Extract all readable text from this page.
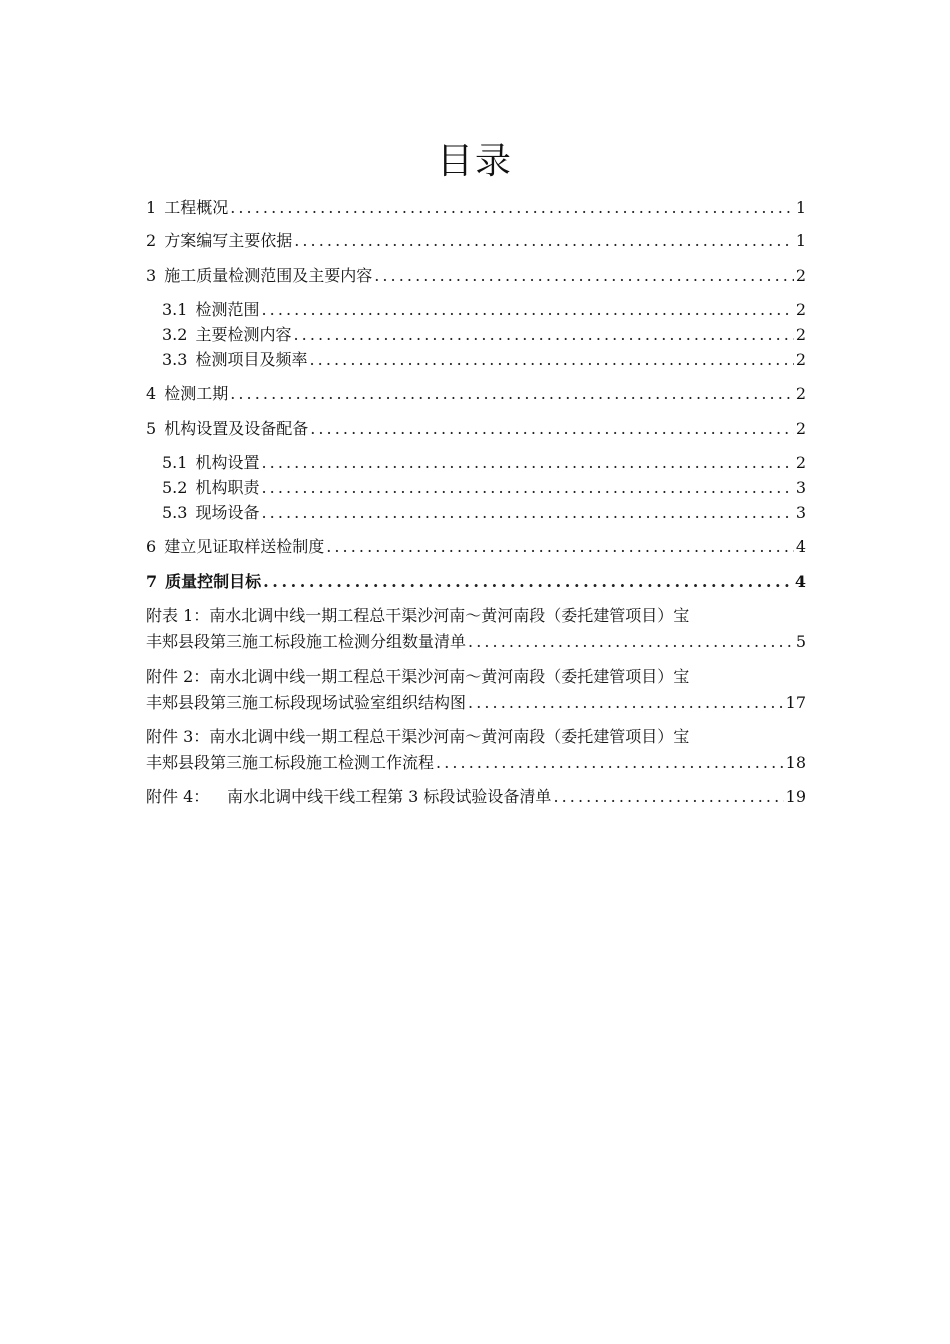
目录
1 工程概况 . . .	1
2 方案编写主要依据 . . .	1
3 施工质量检测范围及主要内容 . . .	2
3.1 检测范围 . . .	2
3.2 主要检测内容 . . .	2
3.3 检测项目及频率 . . .	2
4 检测工期 . . .	2
5 机构设置及设备配备 . . .	2
5.1 机构设置 . . .	2
5.2 机构职责 . . .	3
5.3 现场设备 . . .	3
6 建立见证取样送检制度 . . .	4
7 质量控制目标 . . .	4
附表 1：南水北调中线一期工程总干渠沙河南～黄河南段（委托建管项目）宝
丰郏县段第三施工标段施工检测分组数量清单 . . .	5
附件 2：南水北调中线一期工程总干渠沙河南～黄河南段（委托建管项目）宝
丰郏县段第三施工标段现场试验室组织结构图 . . .	17
附件 3：南水北调中线一期工程总干渠沙河南～黄河南段（委托建管项目）宝
丰郏县段第三施工标段施工检测工作流程 . . .	18
附件 4：	南水北调中线干线工程第 3 标段试验设备清单 . . .	19
